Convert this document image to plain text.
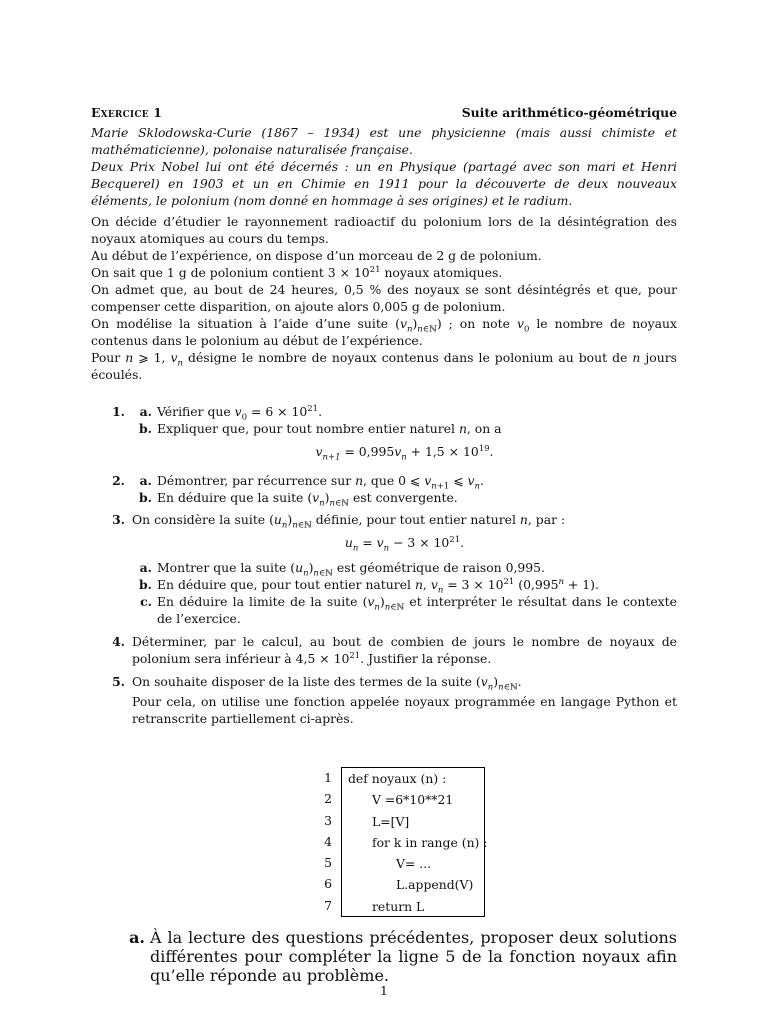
Exercice 1	Suite arithmético-géométrique

Marie Sklodowska-Curie (1867 – 1934) est une physicienne (mais aussi chimiste et mathématicienne), polonaise naturalisée française.

Deux Prix Nobel lui ont été décernés : un en Physique (partagé avec son mari et Henri Becquerel) en 1903 et un en Chimie en 1911 pour la découverte de deux nouveaux éléments, le polonium (nom donné en hommage à ses origines) et le radium.

On décide d’étudier le rayonnement radioactif du polonium lors de la désintégration des noyaux atomiques au cours du temps.

Au début de l’expérience, on dispose d’un morceau de 2 g de polonium.

On sait que 1 g de polonium contient $3 \times 10^{21}$ noyaux atomiques.

On admet que, au bout de 24 heures, 0,5 % des noyaux se sont désintégrés et que, pour compenser cette disparition, on ajoute alors 0,005 g de polonium.

On modélise la situation à l’aide d’une suite $(v_n)_{n\in ℕ}$) ; on note $v_0$ le nombre de noyaux contenus dans le polonium au début de l’expérience.

Pour n ⩾ 1, $v_n$ désigne le nombre de noyaux contenus dans le polonium au bout de n jours écoulés.

1.	a. Vérifier que $v_0 = 6 \times 10^{21}$.
b. Expliquer que, pour tout nombre entier naturel n, on a
$v_{n+1} = 0,995v_n + 1,5 \times 10^{19}$.
2.	a. Démontrer, par récurrence sur n, que 0 ⩽ $v_{n+1}$ ⩽ $v_n$.
b. En déduire que la suite $(v_n)_{n\in ℕ}$ est convergente.
3. On considère la suite $(u_n)_{n\in ℕ}$ définie, pour tout entier naturel n, par :
$u_n = v_n - 3 \times 10^{21}$.
a. Montrer que la suite $(u_n)_{n\in ℕ}$ est géométrique de raison 0,995.
b. En déduire que, pour tout entier naturel n, $v_n = 3 \times 10^{21}$ $(0,995^n + 1)$.
c. En déduire la limite de la suite $(v_n)_{n\in ℕ}$ et interpréter le résultat dans le contexte de l’exercice.
4. Déterminer, par le calcul, au bout de combien de jours le nombre de noyaux de polonium sera inférieur à $4,5 \times 10^{21}$. Justifier la réponse.
5. On souhaite disposer de la liste des termes de la suite $(v_n)_{n\in ℕ}$.
Pour cela, on utilise une fonction appelée noyaux programmée en langage Python et retranscrite partiellement ci-après.
1
2
3
4
5
6
7
def noyaux (n) :
V =6*10**21
L=[V]
for k in range (n) :
V= ...
L.append(V)
return L
a. À la lecture des questions précédentes, proposer deux solutions différentes pour compléter la ligne 5 de la fonction noyaux afin qu’elle réponde au problème.
1
